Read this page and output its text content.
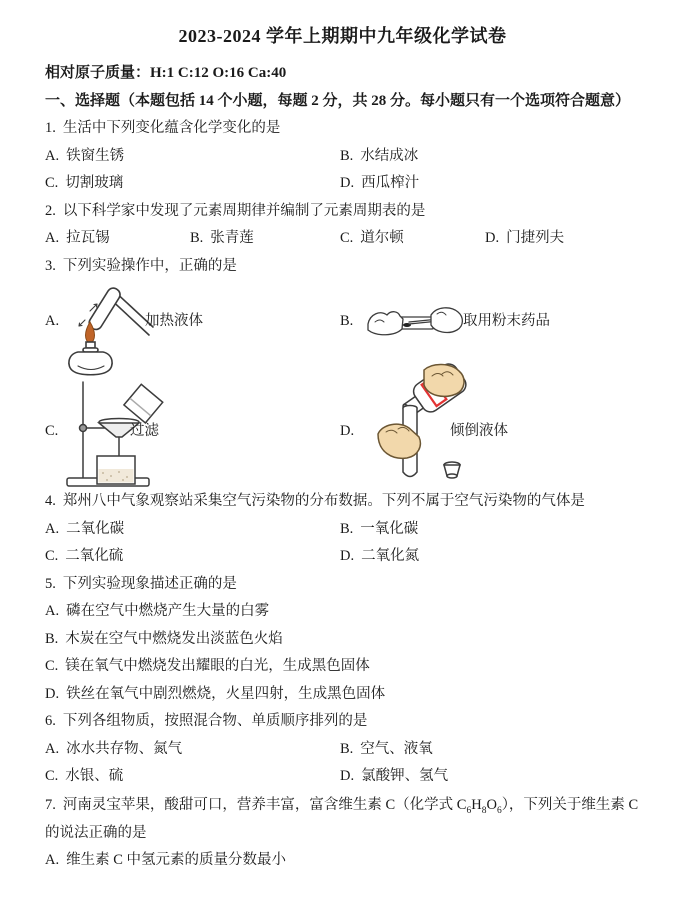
2023-2024 学年上期期中九年级化学试卷

相对原子质量：H:1 C:12 O:16 Ca:40

一、选择题（本题包括 14 个小题，每题 2 分，共 28 分。每小题只有一个选项符合题意）

1. 生活中下列变化蕴含化学变化的是

A. 铁窗生锈	B. 水结成冰
C. 切割玻璃	D. 西瓜榨汁

2. 以下科学家中发现了元素周期律并编制了元素周期表的是

A. 拉瓦锡	B. 张青莲	C. 道尔顿	D. 门捷列夫

3. 下列实验操作中，正确的是

A.	加热液体	B.	取用粉末药品
C.	过滤	D.	倾倒液体

4. 郑州八中气象观察站采集空气污染物的分布数据。下列不属于空气污染物的气体是

A. 二氧化碳	B. 一氧化碳
C. 二氧化硫	D. 二氧化氮

5. 下列实验现象描述正确的是

A. 磷在空气中燃烧产生大量的白雾

B. 木炭在空气中燃烧发出淡蓝色火焰

C. 镁在氧气中燃烧发出耀眼的白光，生成黑色固体

D. 铁丝在氧气中剧烈燃烧，火星四射，生成黑色固体

6. 下列各组物质，按照混合物、单质顺序排列的是

A. 冰水共存物、氮气	B. 空气、液氧
C. 水银、硫	D. 氯酸钾、氢气

7. 河南灵宝苹果，酸甜可口，营养丰富，富含维生素 C（化学式 $C_6H_8O_6$），下列关于维生素 C 的说法正确的是

A. 维生素 C 中氢元素的质量分数最小
